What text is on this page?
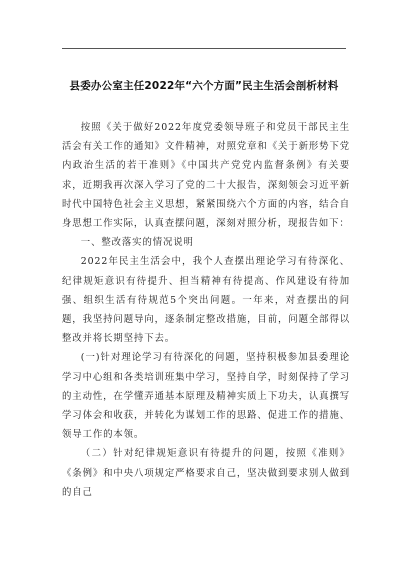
县委办公室主任2022年“六个方面”民主生活会剖析材料

按照《关于做好2022年度党委领导班子和党员干部民主生活会有关工作的通知》文件精神，对照党章和《关于新形势下党内政治生活的若干准则》《中国共产党党内监督条例》有关要求，近期我再次深入学习了党的二十大报告，深刻领会习近平新时代中国特色社会主义思想，紧紧围绕六个方面的内容，结合自身思想工作实际，认真查摆问题，深刻对照分析，现报告如下：

一、整改落实的情况说明

2022年民主生活会中，我个人查摆出理论学习有待深化、纪律规矩意识有待提升、担当精神有待提高、作风建设有待加强、组织生活有待规范5个突出问题。一年来，对查摆出的问题，我坚持问题导向，逐条制定整改措施，目前，问题全部得以整改并将长期坚持下去。

(一)针对理论学习有待深化的问题，坚持积极参加县委理论学习中心组和各类培训班集中学习，坚持自学，时刻保持了学习的主动性，在学懂弄通基本原理及精神实质上下功夫，认真撰写学习体会和收获，并转化为谋划工作的思路、促进工作的措施、领导工作的本领。

（二）针对纪律规矩意识有待提升的问题，按照《准则》《条例》和中央八项规定严格要求自己，坚决做到要求别人做到的自己
